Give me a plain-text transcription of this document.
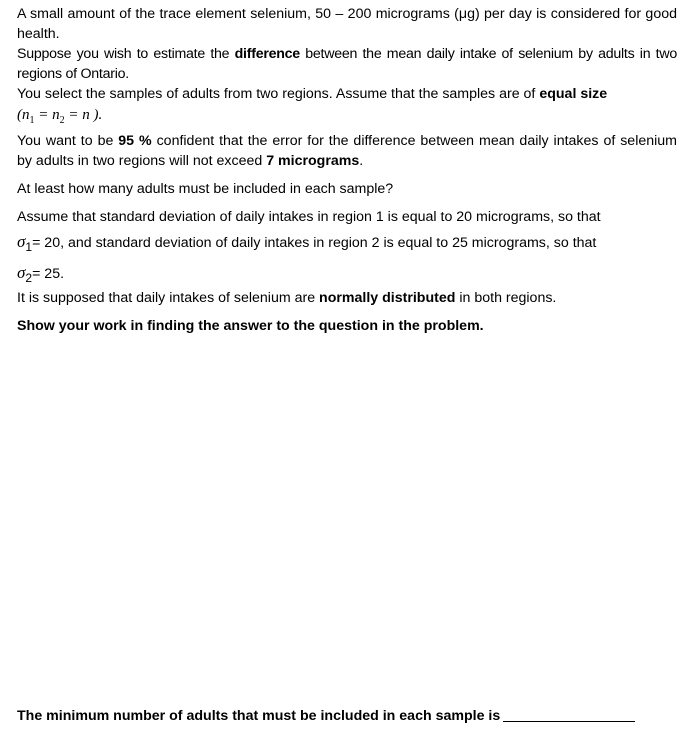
A small amount of the trace element selenium, 50 – 200 micrograms (μg) per day is considered for good health.

Suppose you wish to estimate the difference between the mean daily intake of selenium by adults in two regions of Ontario.

You select the samples of adults from two regions. Assume that the samples are of equal size

($n_1 = n_2 = n$ ).

You want to be 95 % confident that the error for the difference between mean daily intakes of selenium by adults in two regions will not exceed 7 micrograms.

At least how many adults must be included in each sample?

Assume that standard deviation of daily intakes in region 1 is equal to 20 micrograms, so that

$\sigma_1= 20$, and standard deviation of daily intakes in region 2 is equal to 25 micrograms, so that

$\sigma_2= 25$.

It is supposed that daily intakes of selenium are normally distributed in both regions.

Show your work in finding the answer to the question in the problem.

The minimum number of adults that must be included in each sample is
